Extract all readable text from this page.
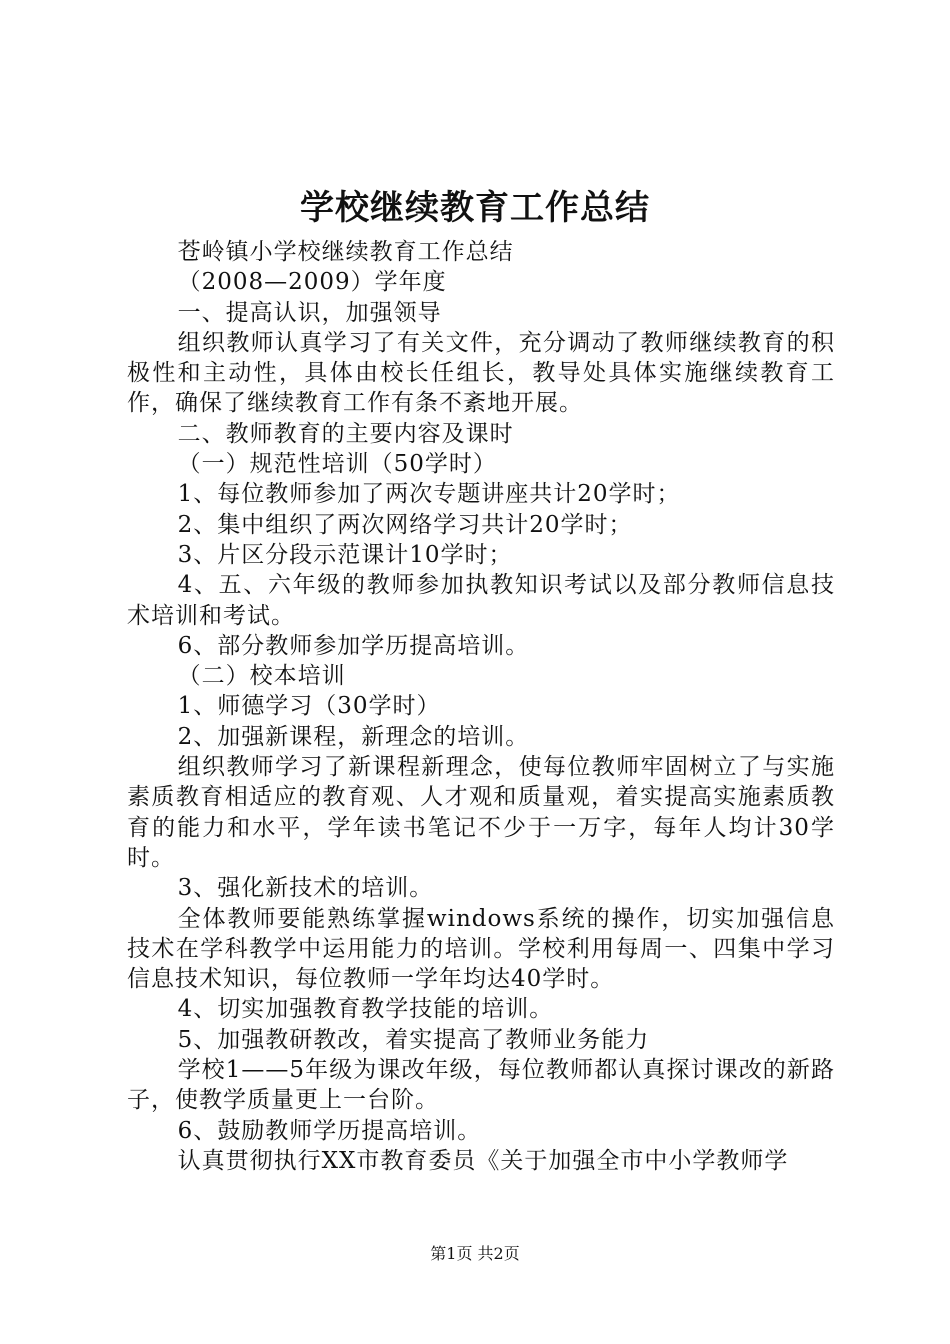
学校继续教育工作总结

苍岭镇小学校继续教育工作总结

（2008—2009）学年度

一、提高认识，加强领导

组织教师认真学习了有关文件，充分调动了教师继续教育的积极性和主动性，具体由校长任组长，教导处具体实施继续教育工作，确保了继续教育工作有条不紊地开展。

二、教师教育的主要内容及课时

（一）规范性培训（50学时）

1、每位教师参加了两次专题讲座共计20学时；

2、集中组织了两次网络学习共计20学时；

3、片区分段示范课计10学时；

4、五、六年级的教师参加执教知识考试以及部分教师信息技术培训和考试。

6、部分教师参加学历提高培训。

（二）校本培训

1、师德学习（30学时）

2、加强新课程，新理念的培训。

组织教师学习了新课程新理念，使每位教师牢固树立了与实施素质教育相适应的教育观、人才观和质量观，着实提高实施素质教育的能力和水平，学年读书笔记不少于一万字，每年人均计30学时。

3、强化新技术的培训。

全体教师要能熟练掌握windows系统的操作，切实加强信息技术在学科教学中运用能力的培训。学校利用每周一、四集中学习信息技术知识，每位教师一学年均达40学时。

4、切实加强教育教学技能的培训。

5、加强教研教改，着实提高了教师业务能力

学校1——5年级为课改年级，每位教师都认真探讨课改的新路子，使教学质量更上一台阶。

6、鼓励教师学历提高培训。

认真贯彻执行XX市教育委员《关于加强全市中小学教师学

第1页 共2页
